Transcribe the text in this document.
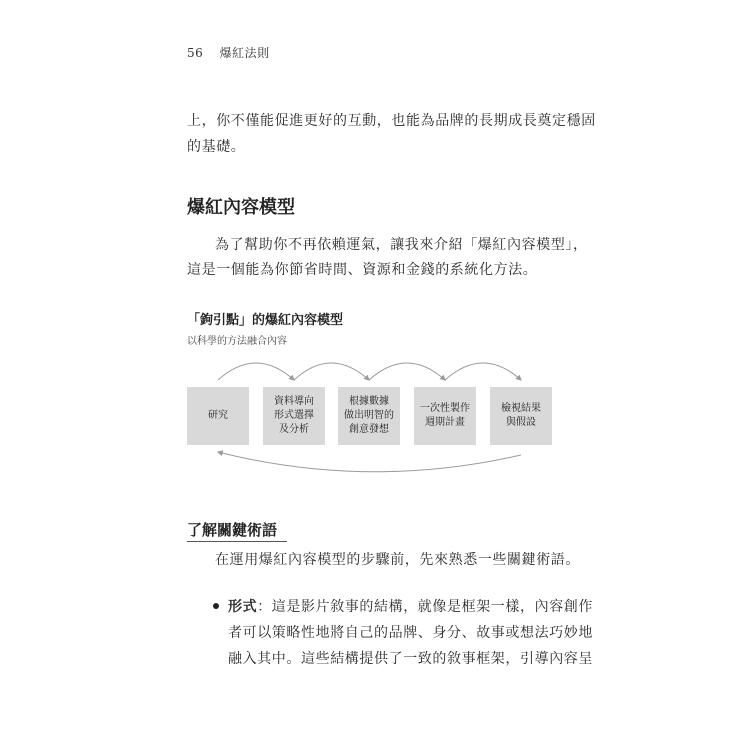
56 爆紅法則
上，你不僅能促進更好的互動，也能為品牌的長期成長奠定穩固
的基礎。
爆紅內容模型
為了幫助你不再依賴運氣，讓我來介紹「爆紅內容模型」，
這是一個能為你節省時間、資源和金錢的系統化方法。
「鉤引點」的爆紅內容模型
以科學的方法融合內容
研究
資料導向
形式選擇
及分析
根據數據
做出明智的
創意發想
一次性製作
週期計畫
檢視結果
與假設
了解關鍵術語
在運用爆紅內容模型的步驟前，先來熟悉一些關鍵術語。
形式：這是影片敘事的結構，就像是框架一樣，內容創作
者可以策略性地將自己的品牌、身分、故事或想法巧妙地
融入其中。這些結構提供了一致的敘事框架，引導內容呈
